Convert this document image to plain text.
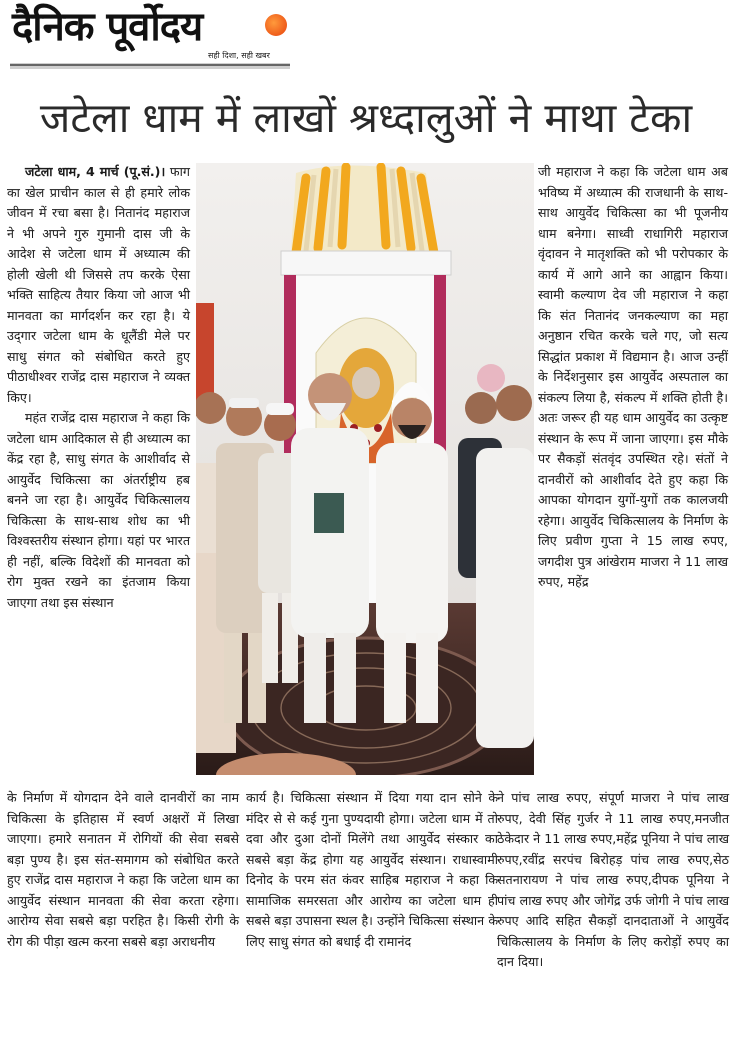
दैनिक पूर्वोदय
सही दिशा, सही खबर
जटेला धाम में लाखों श्रध्दालुओं ने माथा टेका

जटेला धाम, 4 मार्च (पू.सं.)। फाग का खेल प्राचीन काल से ही हमारे लोक जीवन में रचा बसा है। नितानंद महाराज ने भी अपने गुरु गुमानी दास जी के आदेश से जटेला धाम में अध्यात्म की होली खेली थी जिससे तप करके ऐसा भक्ति साहित्य तैयार किया जो आज भी मानवता का मार्गदर्शन कर रहा है। ये उद्‌गार जटेला धाम के धूलैंडी मेले पर साधु संगत को संबोधित करते हुए पीठाधीश्वर राजेंद्र दास महाराज ने व्यक्त किए।

महंत राजेंद्र दास महाराज ने कहा कि जटेला धाम आदिकाल से ही अध्यात्म का केंद्र रहा है, साधु संगत के आशीर्वाद से आयुर्वेद चिकित्सा का अंतर्राष्ट्रीय हब बनने जा रहा है। आयुर्वेद चिकित्सालय चिकित्सा के साथ-साथ शोध का भी विश्वस्तरीय संस्थान होगा। यहां पर भारत ही नहीं, बल्कि विदेशों की मानवता को रोग मुक्त रखने का इंतजाम किया जाएगा तथा इस संस्थान

जी महाराज ने कहा कि जटेला धाम अब भविष्य में अध्यात्म की राजधानी के साथ-साथ आयुर्वेद चिकित्सा का भी पूजनीय धाम बनेगा। साध्वी राधागिरी महाराज वृंदावन ने मातृशक्ति को भी परोपकार के कार्य में आगे आने का आह्वान किया। स्वामी कल्याण देव जी महाराज ने कहा कि संत नितानंद जनकल्याण का महा अनुष्ठान रचित करके चले गए, जो सत्य सिद्धांत प्रकाश में विद्यमान है। आज उन्हीं के निर्देशनुसार इस आयुर्वेद अस्पताल का संकल्प लिया है, संकल्प में शक्ति होती है। अतः जरूर ही यह धाम आयुर्वेद का उत्कृष्ट संस्थान के रूप में जाना जाएगा। इस मौके पर सैकड़ों संतवृंद उपस्थित रहे। संतों ने दानवीरों को आशीर्वाद देते हुए कहा कि आपका योगदान युगों-युगों तक कालजयी रहेगा। आयुर्वेद चिकित्सालय के निर्माण के लिए प्रवीण गुप्ता ने 15 लाख रुपए, जगदीश पुत्र आंखेराम माजरा ने 11 लाख रुपए, महेंद्र

के निर्माण में योगदान देने वाले दानवीरों का नाम चिकित्सा के इतिहास में स्वर्ण अक्षरों में लिखा जाएगा। हमारे सनातन में रोगियों की सेवा सबसे बड़ा पुण्य है। इस संत-समागम को संबोधित करते हुए राजेंद्र दास महाराज ने कहा कि जटेला धाम का आयुर्वेद संस्थान मानवता की सेवा करता रहेगा। आरोग्य सेवा सबसे बड़ा परहित है। किसी रोगी के रोग की पीड़ा खत्म करना सबसे बड़ा अराधनीय

कार्य है। चिकित्सा संस्थान में दिया गया दान सोने के मंदिर से से कई गुना पुण्यदायी होगा। जटेला धाम में तो दवा और दुआ दोनों मिलेंगे तथा आयुर्वेद संस्कार का सबसे बड़ा केंद्र होगा यह आयुर्वेद संस्थान। राधास्वामी दिनोद के परम संत कंवर साहिब महाराज ने कहा कि सामाजिक समरसता और आरोग्य का जटेला धाम ही सबसे बड़ा उपासना स्थल है। उन्होंने चिकित्सा संस्थान के लिए साधु संगत को बधाई दी रामानंद

ने पांच लाख रुपए, संपूर्ण माजरा ने पांच लाख रुपए, देवी सिंह गुर्जर ने 11 लाख रुपए,मनजीत ठेकेदार ने 11 लाख रुपए,महेंद्र पूनिया ने पांच लाख रुपए,रवींद्र सरपंच बिरोहड़ पांच लाख रुपए,सेठ सतनारायण ने पांच लाख रुपए,दीपक पूनिया ने पांच लाख रुपए और जोगेंद्र उर्फ जोगी ने पांच लाख रुपए आदि सहित सैकड़ों दानदाताओं ने आयुर्वेद चिकित्सालय के निर्माण के लिए करोड़ों रुपए का दान दिया।
